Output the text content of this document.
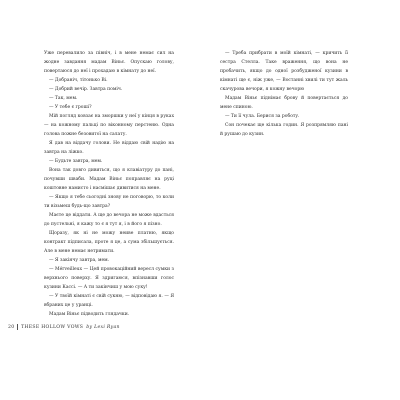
Уже перевалило за північ, і в мене немає сил на жодне завдання мадам Віньє. Опускаю голову, повертаюся до неї і прохадаю в кімнату до неї.

— Добраніч, тітонько Ві.

— Добрий вечір. Завтра поміч.

— Так, мем.

— У тебе є гроші?

Мій погляд ковзає на зморшки у неї у кінця в руках — на кожному пальці по віконному перстеню. Одна голова пожне безовитої на салату.

Я дав на віддачу голови. Не віддаю свій надію на завтра на ліжко.

— Будьте завтра, мем.

Вона так довго дивиться, що я клавіатуру до пані, почувши шваби. Мадам Віньє поправляє на руці коштовне намисто і насмішає дивитися на мене.

— Якщо я тебе сьогодні знову не поговорю, то коли ти візьмеш будь-що завтра?

Маєте це віддати. А ще до вечора не може вдасться до пустельні, я кажу то є я тут я, і в його я пізно.

Щоразу, як ні не можу неиве платню, якщо контракт підписала, проте я це, а сума збільшується. Але в мене немає нетримати.

— Я закінчу завтра, мем.

— Mérveilleux — Цей провокаційний вересл сумки з верхнього поверху. Я здригаюся, впізнавши голос кузини Кассі. — А ти закінчиш у мою суку!

— У твоїй кімнаті є свій сукню, — відповідаю я. — Я вбраних це у уранці.

Мадам Віньє підводить глядачки.

20 THESE HOLLOW VOWS by Lexi Ryan

— Треба прибрати в моїй кімнаті, — кричить її сестра Стелла. Таке враження, що вона не пробачить, якщо до одної розбудженої кузини в кімнаті ще є, ніж уже, — Востанні хвилі ти тут жаль скачурова вечори, я кожну вечорю

Мадам Віньє піднімає брову й повертається до мене спиною.

— Ти її чула. Берися за роботу.

Сон почекає ще кілька годин. Я розпрямляю пані й рушаю до кузин.
